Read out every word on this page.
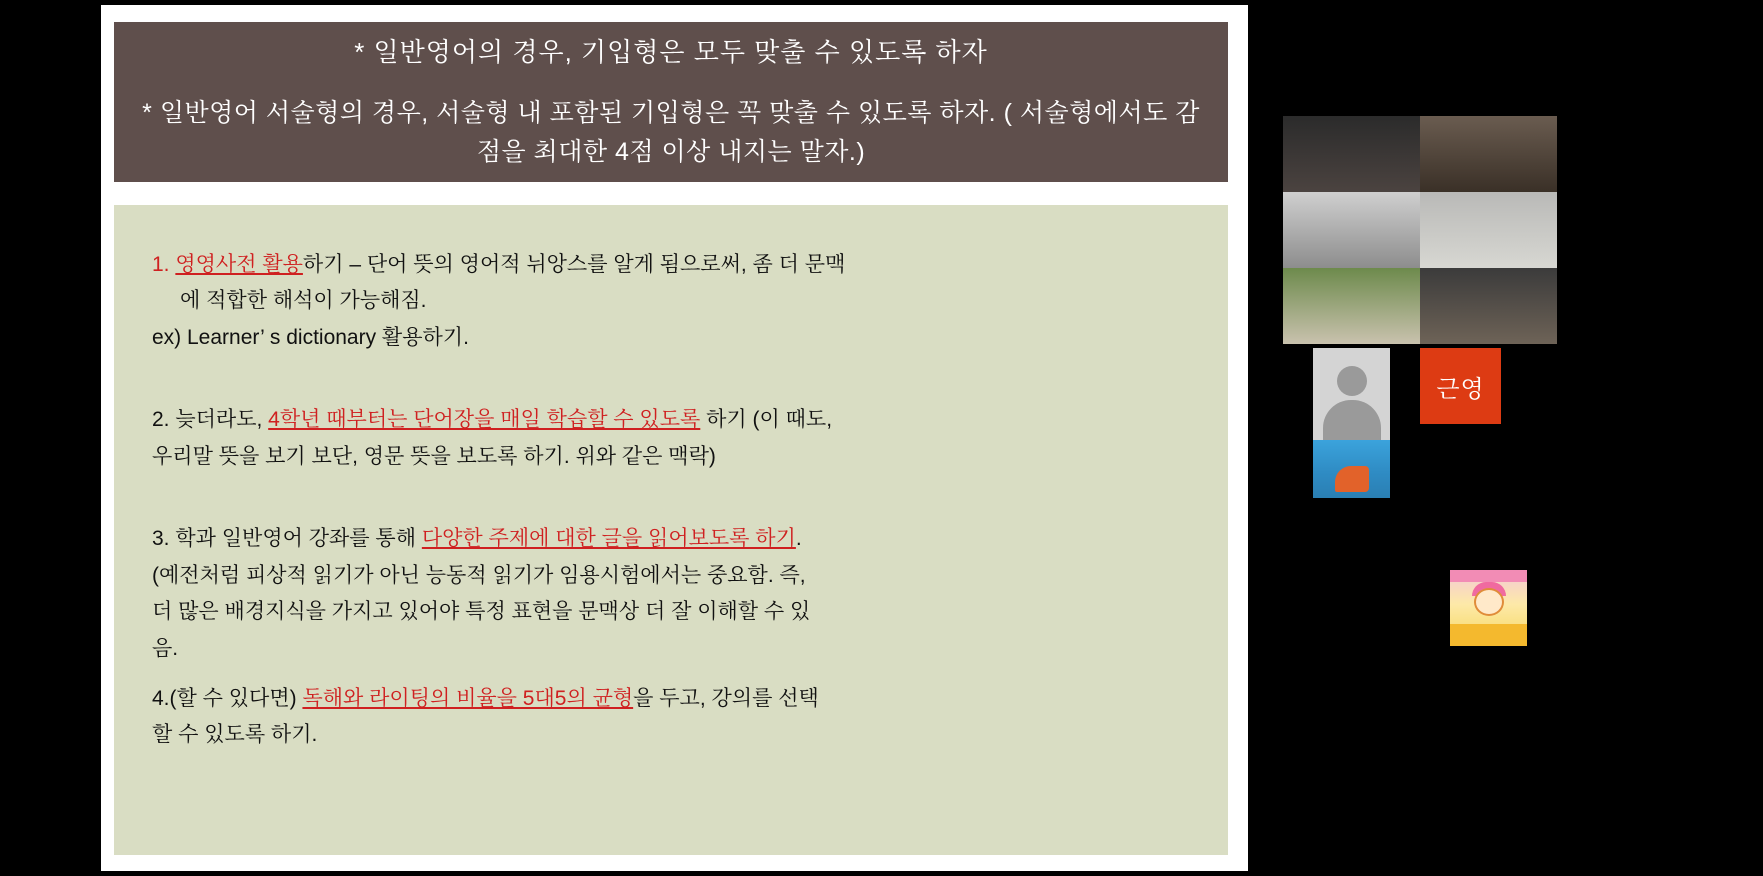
* 일반영어의 경우, 기입형은 모두 맞출 수 있도록 하자
* 일반영어 서술형의 경우, 서술형 내 포함된 기입형은 꼭 맞출 수 있도록 하자. ( 서술형에서도 감점을 최대한 4점 이상 내지는 말자.)
1. 영영사전 활용하기 – 단어 뜻의 영어적 뉘앙스를 알게 됨으로써, 좀 더 문맥
에 적합한 해석이 가능해짐.
ex) Learner’ s dictionary 활용하기.
2. 늦더라도, 4학년 때부터는 단어장을 매일 학습할 수 있도록 하기 (이 때도,
우리말 뜻을 보기 보단, 영문 뜻을 보도록 하기. 위와 같은 맥락)
3. 학과 일반영어 강좌를 통해 다양한 주제에 대한 글을 읽어보도록 하기.
(예전처럼 피상적 읽기가 아닌 능동적 읽기가 임용시험에서는 중요함. 즉,
더 많은 배경지식을 가지고 있어야 특정 표현을 문맥상 더 잘 이해할 수 있
음.
4.(할 수 있다면) 독해와 라이팅의 비율을 5대5의 균형을 두고, 강의를 선택
할 수 있도록 하기.
근영
